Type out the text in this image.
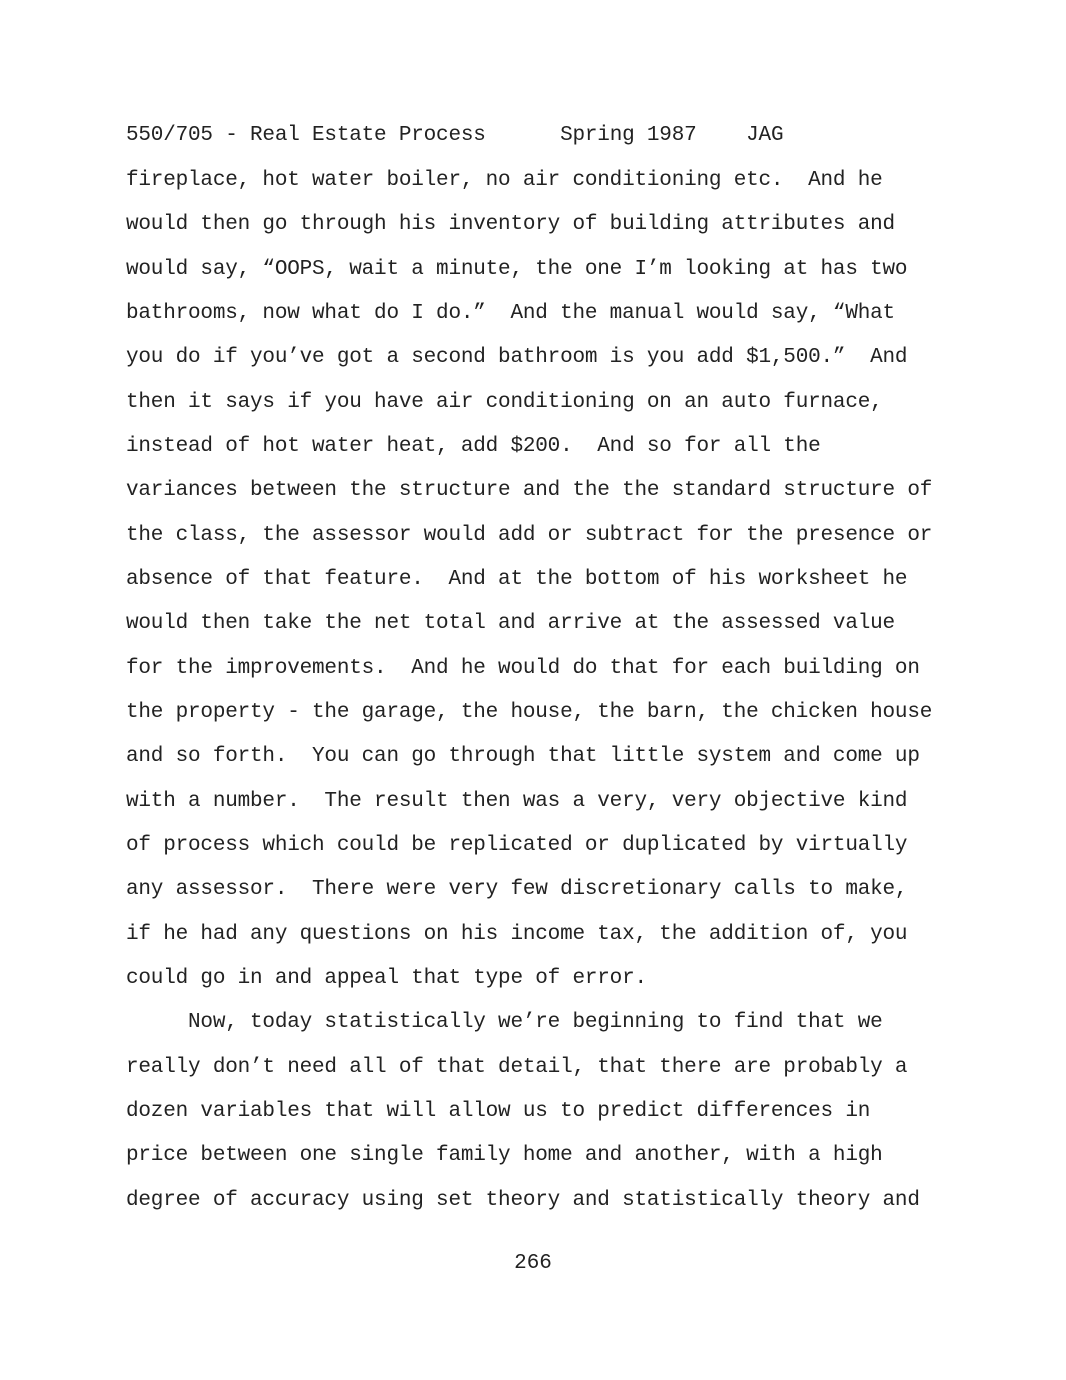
550/705 - Real Estate Process	Spring 1987 JAG
fireplace, hot water boiler, no air conditioning etc.  And he
would then go through his inventory of building attributes and
would say, “OOPS, wait a minute, the one I’m looking at has two
bathrooms, now what do I do.”  And the manual would say, “What
you do if you’ve got a second bathroom is you add $1,500.”  And
then it says if you have air conditioning on an auto furnace,
instead of hot water heat, add $200.  And so for all the
variances between the structure and the the standard structure of
the class, the assessor would add or subtract for the presence or
absence of that feature.  And at the bottom of his worksheet he
would then take the net total and arrive at the assessed value
for the improvements.  And he would do that for each building on
the property - the garage, the house, the barn, the chicken house
and so forth.  You can go through that little system and come up
with a number.  The result then was a very, very objective kind
of process which could be replicated or duplicated by virtually
any assessor.  There were very few discretionary calls to make,
if he had any questions on his income tax, the addition of, you
could go in and appeal that type of error.
Now, today statistically we’re beginning to find that we
really don’t need all of that detail, that there are probably a
dozen variables that will allow us to predict differences in
price between one single family home and another, with a high
degree of accuracy using set theory and statistically theory and
266
